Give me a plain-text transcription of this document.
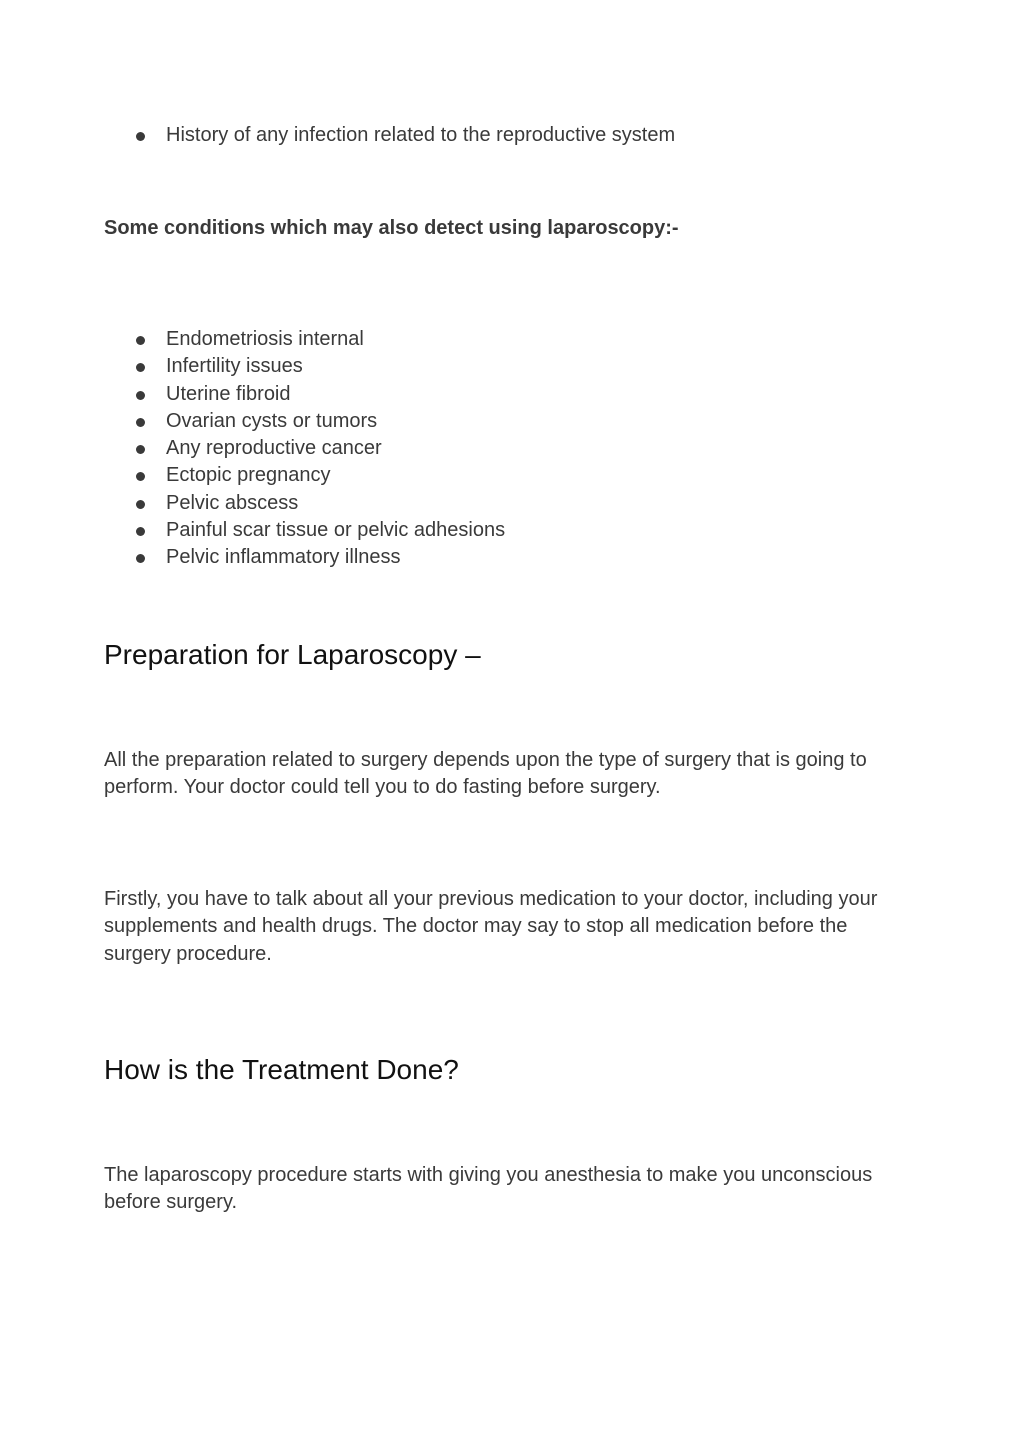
History of any infection related to the reproductive system

Some conditions which may also detect using laparoscopy:-

Endometriosis internal
Infertility issues
Uterine fibroid
Ovarian cysts or tumors
Any reproductive cancer
Ectopic pregnancy
Pelvic abscess
Painful scar tissue or pelvic adhesions
Pelvic inflammatory illness
Preparation for Laparoscopy –

All the preparation related to surgery depends upon the type of surgery that is going to perform. Your doctor could tell you to do fasting before surgery.

Firstly, you have to talk about all your previous medication to your doctor, including your supplements and health drugs. The doctor may say to stop all medication before the surgery procedure.

How is the Treatment Done?

The laparoscopy procedure starts with giving you anesthesia to make you unconscious before surgery.
